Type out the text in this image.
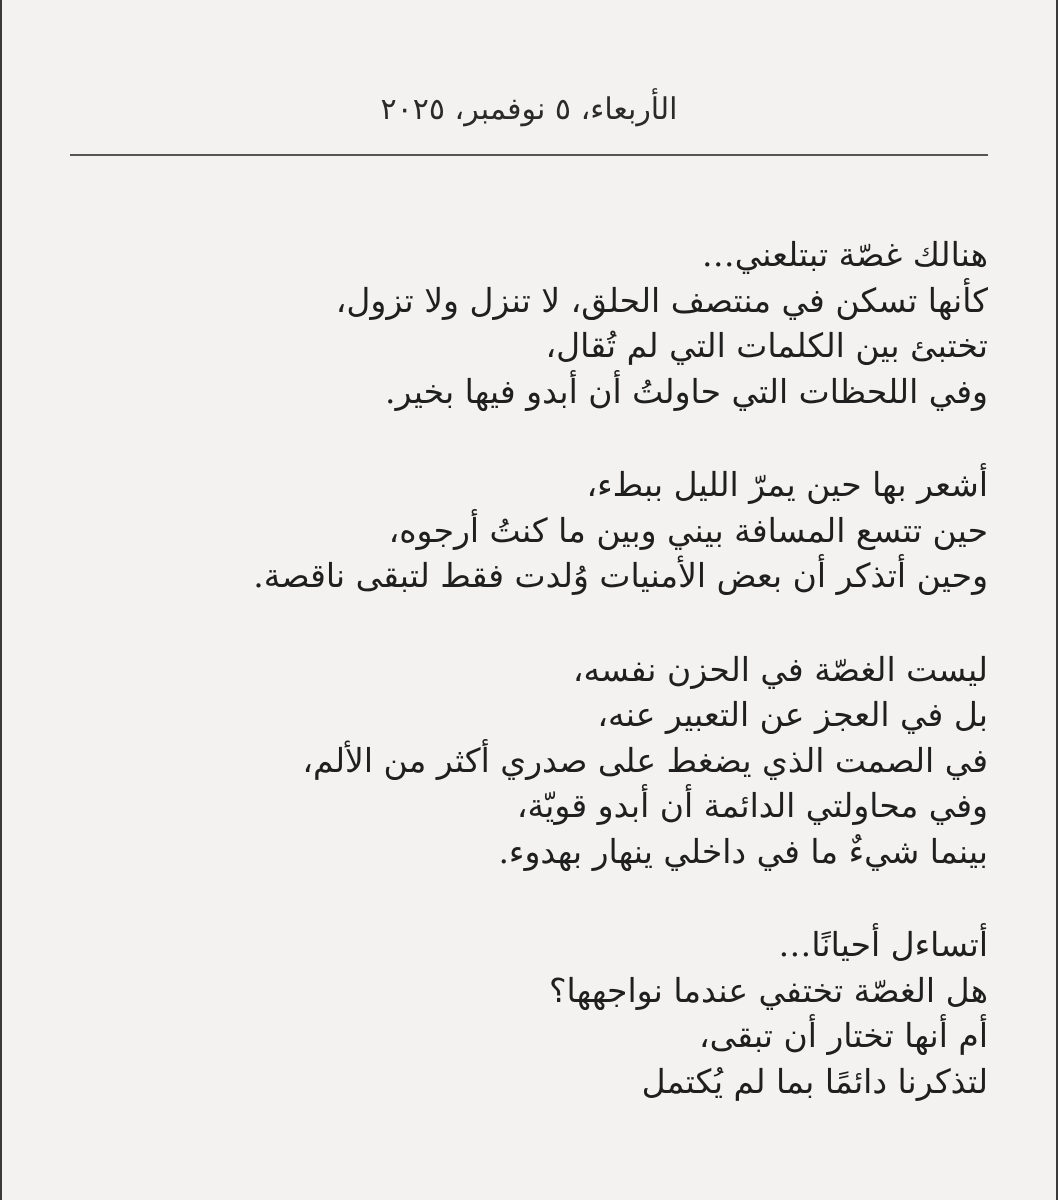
الأربعاء، ٥ نوفمبر، ٢٠٢٥
هنالك غصّة تبتلعني…
كأنها تسكن في منتصف الحلق، لا تنزل ولا تزول،
تختبئ بين الكلمات التي لم تُقال،
وفي اللحظات التي حاولتُ أن أبدو فيها بخير.
أشعر بها حين يمرّ الليل ببطء،
حين تتسع المسافة بيني وبين ما كنتُ أرجوه،
وحين أتذكر أن بعض الأمنيات وُلدت فقط لتبقى ناقصة.
ليست الغصّة في الحزن نفسه،
بل في العجز عن التعبير عنه،
في الصمت الذي يضغط على صدري أكثر من الألم،
وفي محاولتي الدائمة أن أبدو قويّة،
بينما شيءٌ ما في داخلي ينهار بهدوء.
أتساءل أحيانًا…
هل الغصّة تختفي عندما نواجهها؟
أم أنها تختار أن تبقى،
لتذكرنا دائمًا بما لم يُكتمل
